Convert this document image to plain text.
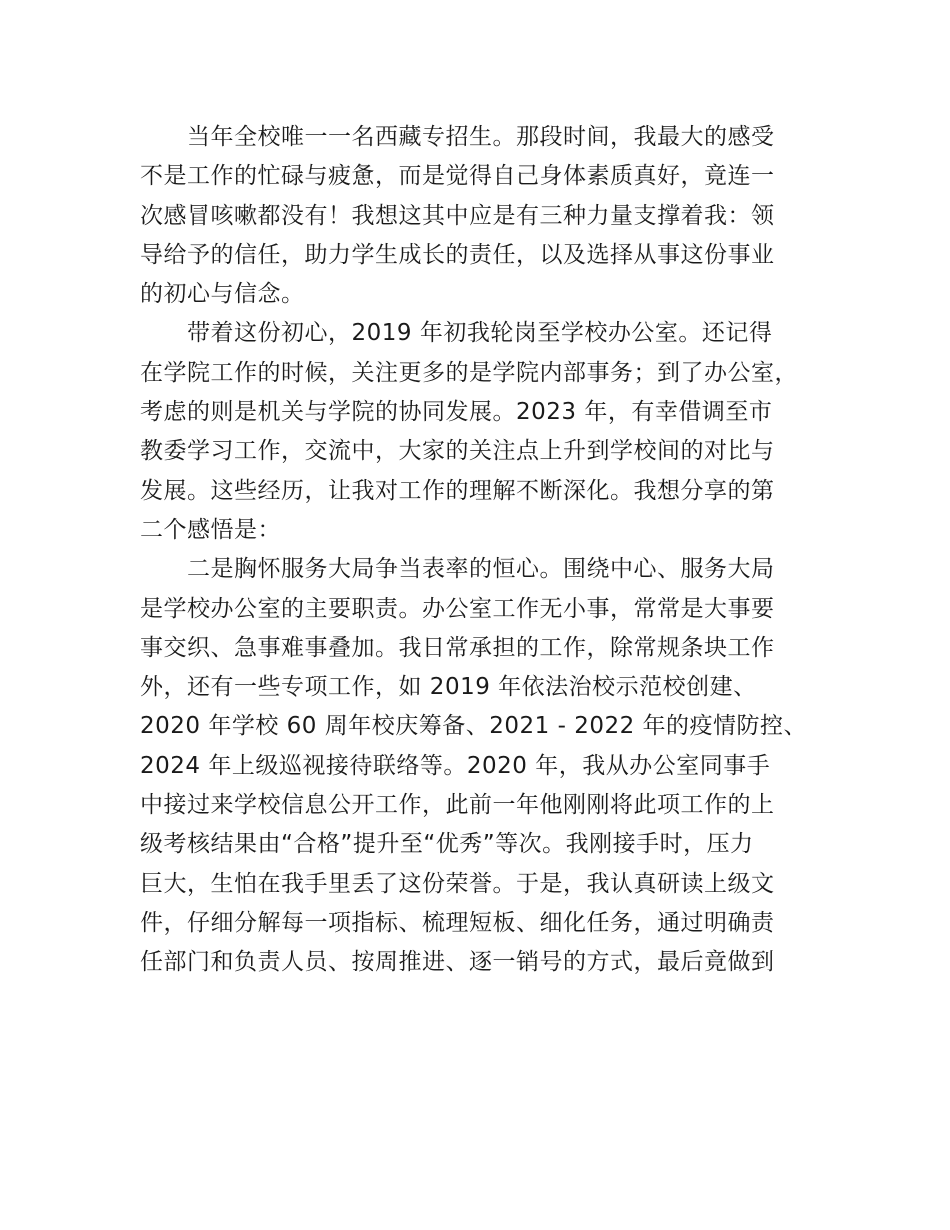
当年全校唯一一名西藏专招生。那段时间，我最大的感受
不是工作的忙碌与疲惫，而是觉得自己身体素质真好，竟连一
次感冒咳嗽都没有！我想这其中应是有三种力量支撑着我：领
导给予的信任，助力学生成长的责任，以及选择从事这份事业
的初心与信念。
带着这份初心，2019 年初我轮岗至学校办公室。还记得
在学院工作的时候，关注更多的是学院内部事务；到了办公室，
考虑的则是机关与学院的协同发展。2023 年，有幸借调至市
教委学习工作，交流中，大家的关注点上升到学校间的对比与
发展。这些经历，让我对工作的理解不断深化。我想分享的第
二个感悟是：
二是胸怀服务大局争当表率的恒心。围绕中心、服务大局
是学校办公室的主要职责。办公室工作无小事，常常是大事要
事交织、急事难事叠加。我日常承担的工作，除常规条块工作
外，还有一些专项工作，如 2019 年依法治校示范校创建、
2020 年学校 60 周年校庆筹备、2021 - 2022 年的疫情防控、
2024 年上级巡视接待联络等。2020 年，我从办公室同事手
中接过来学校信息公开工作，此前一年他刚刚将此项工作的上
级考核结果由“合格”提升至“优秀”等次。我刚接手时，压力
巨大，生怕在我手里丢了这份荣誉。于是，我认真研读上级文
件，仔细分解每一项指标、梳理短板、细化任务，通过明确责
任部门和负责人员、按周推进、逐一销号的方式，最后竟做到
